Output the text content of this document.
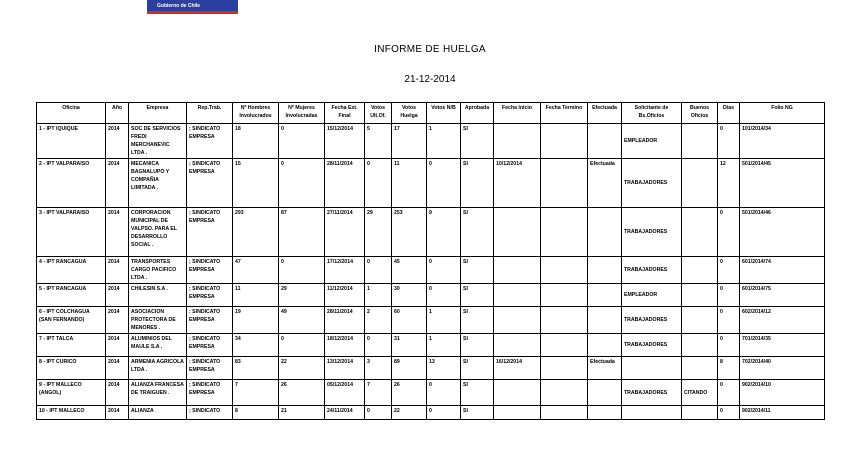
Gobierno de Chile
INFORME DE HUELGA
21-12-2014
Oficina	Año	Empresa	Rep.Trab.	Nº Hombres Involucrados	Nº Mujeres Involucradas	Fecha Ext. Final	Votos Ult.Of.	Votos Huelga	Votos N/B	Aprobada	Fecha Inicio	Fecha Termino	Efectuada	Solicitante de Bs.Oficios	Buenos Oficios	Días	Folio NG
1 - IPT IQUIQUE	2014	SOC DE SERVICIOS FREDI MERCHANEVIC LTDA .	; SINDICATO EMPRESA	18	0	15/12/2014	5	17	1	SI				EMPLEADOR		0	101/2014/34
2 - IPT VALPARAISO	2014	MECANICA BAGNALUPO Y COMPAÑIA LIMITADA .	; SINDICATO EMPRESA	15	0	28/11/2014	0	11	0	SI	10/12/2014		Efectuada	TRABAJADORES		12	501/2014/45
3 - IPT VALPARAISO	2014	CORPORACION MUNICIPAL DE VALPSO. PARA EL DESARROLLO SOCIAL .	; SINDICATO EMPRESA	293	87	27/11/2014	29	253	9	SI				TRABAJADORES		0	501/2014/46
4 - IPT RANCAGUA	2014	TRANSPORTES CARGO PACIFICO LTDA .	; SINDICATO EMPRESA	47	0	17/12/2014	0	45	0	SI				TRABAJADORES		0	601/2014/74
5 - IPT RANCAGUA	2014	CHILESIN S.A .	; SINDICATO EMPRESA	11	29	11/12/2014	1	30	0	SI				EMPLEADOR		0	601/2014/75
6 - IPT COLCHAGUA (SAN FERNANDO)	2014	ASOCIACION PROTECTORA DE MENORES .	; SINDICATO EMPRESA	19	49	28/11/2014	2	60	1	SI				TRABAJADORES		0	602/2014/12
7 - IPT TALCA	2014	ALUMINIOS DEL MAULE S.A .	; SINDICATO EMPRESA	34	0	18/12/2014	0	31	1	SI				TRABAJADORES		0	701/2014/35
8 - IPT CURICO	2014	ARMENIA AGRICOLA LTDA .	; SINDICATO EMPRESA	83	22	13/12/2014	3	89	13	SI	16/12/2014		Efectuada			8	702/2014/40
9 - IPT MALLECO (ANGOL)	2014	ALIANZA FRANCESA DE TRAIGUEN .	; SINDICATO EMPRESA	7	26	05/12/2014	7	26	0	SI				TRABAJADORES	CITANDO	0	902/2014/10
10 - IPT MALLECO	2014	ALIANZA	; SINDICATO	8	21	24/11/2014	0	22	0	SI						0	902/2014/11
